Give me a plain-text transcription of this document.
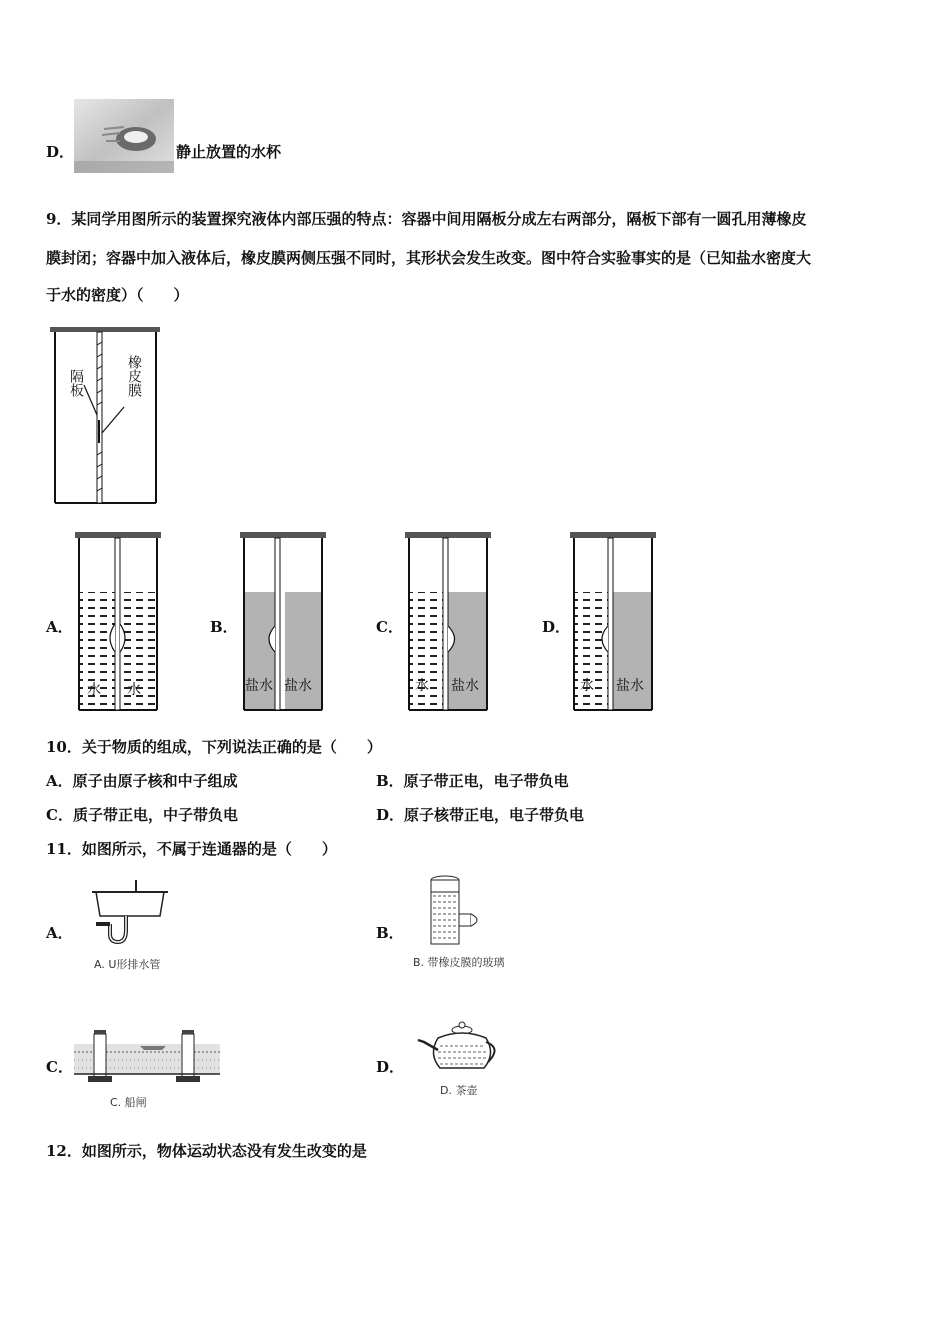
D．	静止放置的水杯
9．某同学用图所示的装置探究液体内部压强的特点：容器中间用隔板分成左右两部分，隔板下部有一圆孔用薄橡皮
膜封闭；容器中加入液体后，橡皮膜两侧压强不同时，其形状会发生改变。图中符合实验事实的是（已知盐水密度大
于水的密度）（　　）
隔板	橡皮膜
A．
水 水
B．
盐水 盐水
C．
水 盐水
D．
水 盐水
10．关于物质的组成，下列说法正确的是（　　）
A．原子由原子核和中子组成	B．原子带正电，电子带负电
C．质子带正电，中子带负电	D．原子核带正电，电子带负电
11．如图所示，不属于连通器的是（　　）
A．
A. U形排水管
B．
B. 带橡皮膜的玻璃
C．
C. 船闸
D．
D. 茶壶
12．如图所示，物体运动状态没有发生改变的是
